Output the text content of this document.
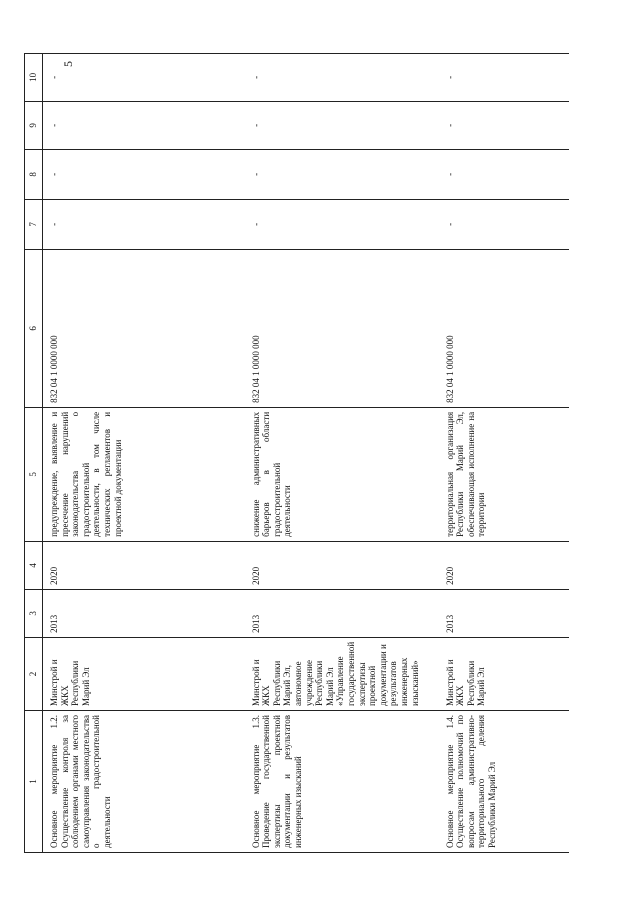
5
1	2	3	4	5	6	7	8	9	10
Основное мероприятие 1.2. Осуществление контроля за соблюдением органами местного самоуправления законодательства о градостроительной деятельности	Минстрой и ЖКХ Республики Марий Эл	2013	2020	предупреждение, выявление и пресечение нарушений законодательства о градостроительной деятельности, в том числе технических регламентов и проектной документации	832 04 1 0000 000	-	-	-	-
Основное мероприятие 1.3. Проведение государственной экспертизы проектной документации и результатов инженерных изысканий	Минстрой и ЖКХ Республики Марий Эл, автономное учреждение Республики Марий Эл «Управление государственной экспертизы проектной документации и результатов инженерных изысканий»	2013	2020	снижение административных барьеров в области градостроительной деятельности	832 04 1 0000 000	-	-	-	-
Основное мероприятие 1.4. Осуществление полномочий по вопросам административно-территориального деления Республики Марий Эл	Минстрой и ЖКХ Республики Марий Эл	2013	2020	территориальная организация Республики Марий Эл, обеспечивающая исполнение на территории	832 04 1 0000 000	-	-	-	-
